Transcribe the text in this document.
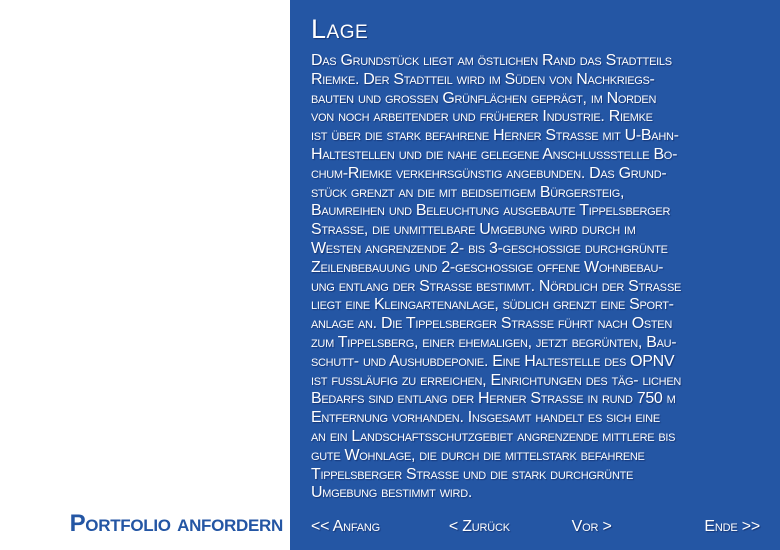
Portfolio anfordern
Lage
Das Grundstück liegt am östlichen Rand das Stadtteils
Riemke. Der Stadtteil wird im Süden von Nachkriegs-
bauten und großen Grünflächen geprägt, im Norden
von noch arbeitender und früherer Industrie. Riemke
ist über die stark befahrene Herner Straße mit U-Bahn-
Haltestellen und die nahe gelegene Anschlussstelle Bo-
chum-Riemke verkehrsgünstig angebunden. Das Grund-
stück grenzt an die mit beidseitigem Bürgersteig,
Baumreihen und Beleuchtung ausgebaute Tippelsberger
Straße, die unmittelbare Umgebung wird durch im
Westen angrenzende 2- bis 3-geschossige durchgrünte
Zeilenbebauung und 2-geschossige offene Wohnbebau-
ung entlang der Straße bestimmt. Nördlich der Straße
liegt eine Kleingartenanlage, südlich grenzt eine Sport-
anlage an. Die Tippelsberger Straße führt nach Osten
zum Tippelsberg, einer ehemaligen, jetzt begrünten, Bau-
schutt- und Aushubdeponie. Eine Haltestelle des OPNV
ist fußläufig zu erreichen, Einrichtungen des täg- lichen
Bedarfs sind entlang der Herner Straße in rund 750 m
Entfernung vorhanden. Insgesamt handelt es sich eine
an ein Landschaftsschutzgebiet angrenzende mittlere bis
gute Wohnlage, die durch die mittelstark befahrene
Tippelsberger Straße und die stark durchgrünte
Umgebung bestimmt wird.
<< Anfang	< Zurück	Vor >	Ende >>
